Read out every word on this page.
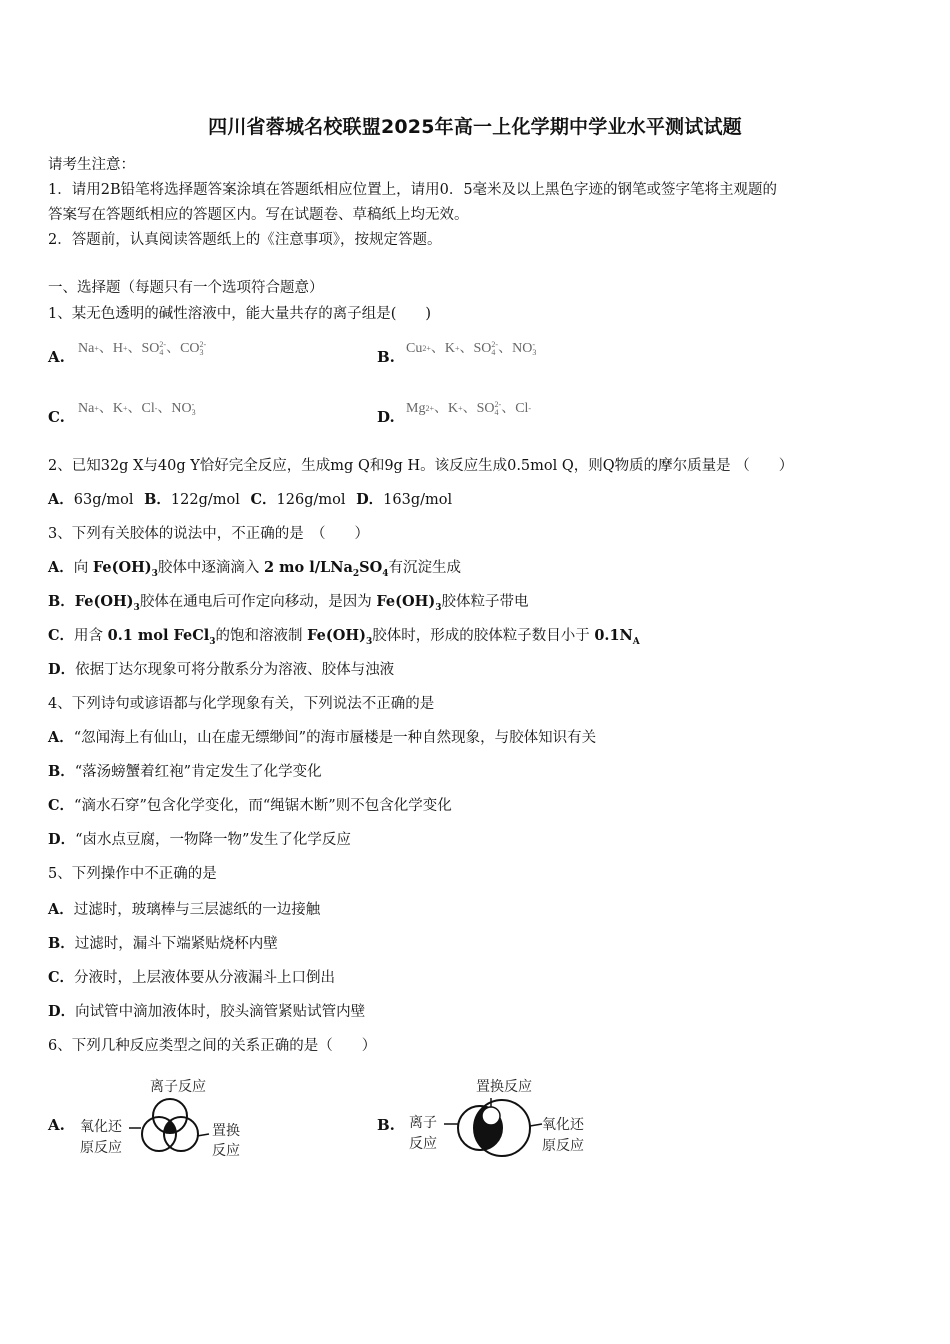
四川省蓉城名校联盟2025年高一上化学期中学业水平测试试题
请考生注意：
1．请用2B铅笔将选择题答案涂填在答题纸相应位置上，请用0．5毫米及以上黑色字迹的钢笔或签字笔将主观题的
答案写在答题纸相应的答题区内。写在试题卷、草稿纸上均无效。
2．答题前，认真阅读答题纸上的《注意事项》，按规定答题。
一、选择题（每题只有一个选项符合题意）
1、某无色透明的碱性溶液中，能大量共存的离子组是(　　)
A. Na + 、H + 、SO 2-
4 、CO 2-
3	B. Cu 2+ 、K + 、SO 2-
4 、NO -
3
C. Na + 、K + 、Cl - 、NO -
3	D. Mg 2+ 、K + 、SO 2-
4 、Cl -
2、已知32g X与40g Y恰好完全反应，生成mg Q和9g H。该反应生成0.5mol Q，则Q物质的摩尔质量是 （　　）
A．63g/mol B．122g/mol C．126g/mol D．163g/mol
3、下列有关胶体的说法中，不正确的是　（　　）
A．向 $Fe(OH)_3$胶体中逐滴滴入 2 mo $l/LNa_2SO_4$有沉淀生成
B．$Fe(OH)_3$胶体在通电后可作定向移动，是因为 $Fe(OH)_3$胶体粒子带电
C．用含 0.1 mol FeCl$_3$的饱和溶液制 $Fe(OH)_3$胶体时，形成的胶体粒子数目小于 $0.1N_A$
D．依据丁达尔现象可将分散系分为溶液、胶体与浊液
4、下列诗句或谚语都与化学现象有关，下列说法不正确的是
A．“忽闻海上有仙山，山在虚无缥缈间”的海市蜃楼是一种自然现象，与胶体知识有关
B．“落汤螃蟹着红袍”肯定发生了化学变化
C．“滴水石穿”包含化学变化，而“绳锯木断”则不包含化学变化
D．“卤水点豆腐，一物降一物”发生了化学反应
5、下列操作中不正确的是
A．过滤时，玻璃棒与三层滤纸的一边接触
B．过滤时，漏斗下端紧贴烧杯内壁
C．分液时，上层液体要从分液漏斗上口倒出
D．向试管中滴加液体时，胶头滴管紧贴试管内壁
6、下列几种反应类型之间的关系正确的是（　　）
A.
离子反应
氧化还
原反应
置换
反应
B.
置换反应
离子
反应
氧化还
原反应
